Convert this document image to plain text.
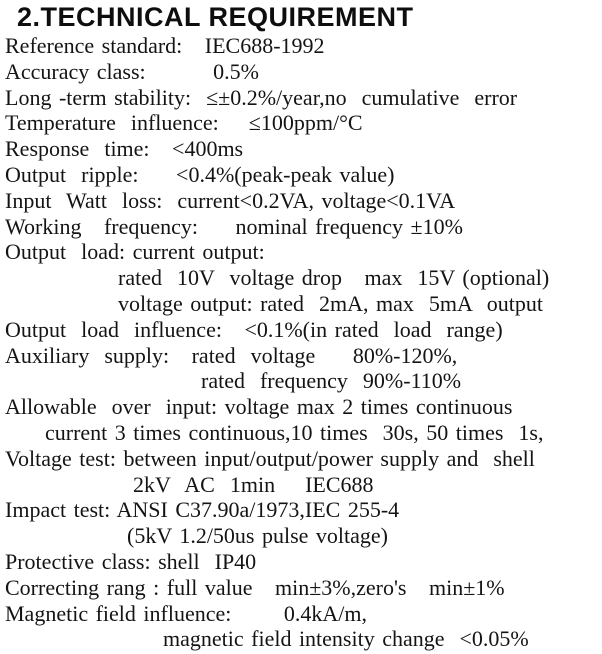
2.TECHNICAL REQUIREMENT
Reference standard:   IEC688-1992
Accuracy class:         0.5%
Long -term stability:  ≤±0.2%/year,no  cumulative  error
Temperature  influence:    ≤100ppm/°C
Response  time:   <400ms
Output  ripple:     <0.4%(peak-peak value)
Input  Watt  loss:  current<0.2VA, voltage<0.1VA
Working   frequency:     nominal frequency ±10%
Output  load: current output:
rated  10V  voltage drop   max  15V (optional)
voltage output: rated  2mA, max  5mA  output
Output  load  influence:   <0.1%(in rated  load  range)
Auxiliary  supply:   rated  voltage     80%-120%,
rated  frequency  90%-110%
Allowable  over  input: voltage max 2 times continuous
current 3 times continuous,10 times  30s, 50 times  1s,
Voltage test: between input/output/power supply and  shell
2kV  AC  1min    IEC688
Impact test: ANSI C37.90a/1973,IEC 255-4
(5kV 1.2/50us pulse voltage)
Protective class: shell  IP40
Correcting rang : full value   min±3%,zero's   min±1%
Magnetic field influence:       0.4kA/m,
magnetic field intensity change  <0.05%
